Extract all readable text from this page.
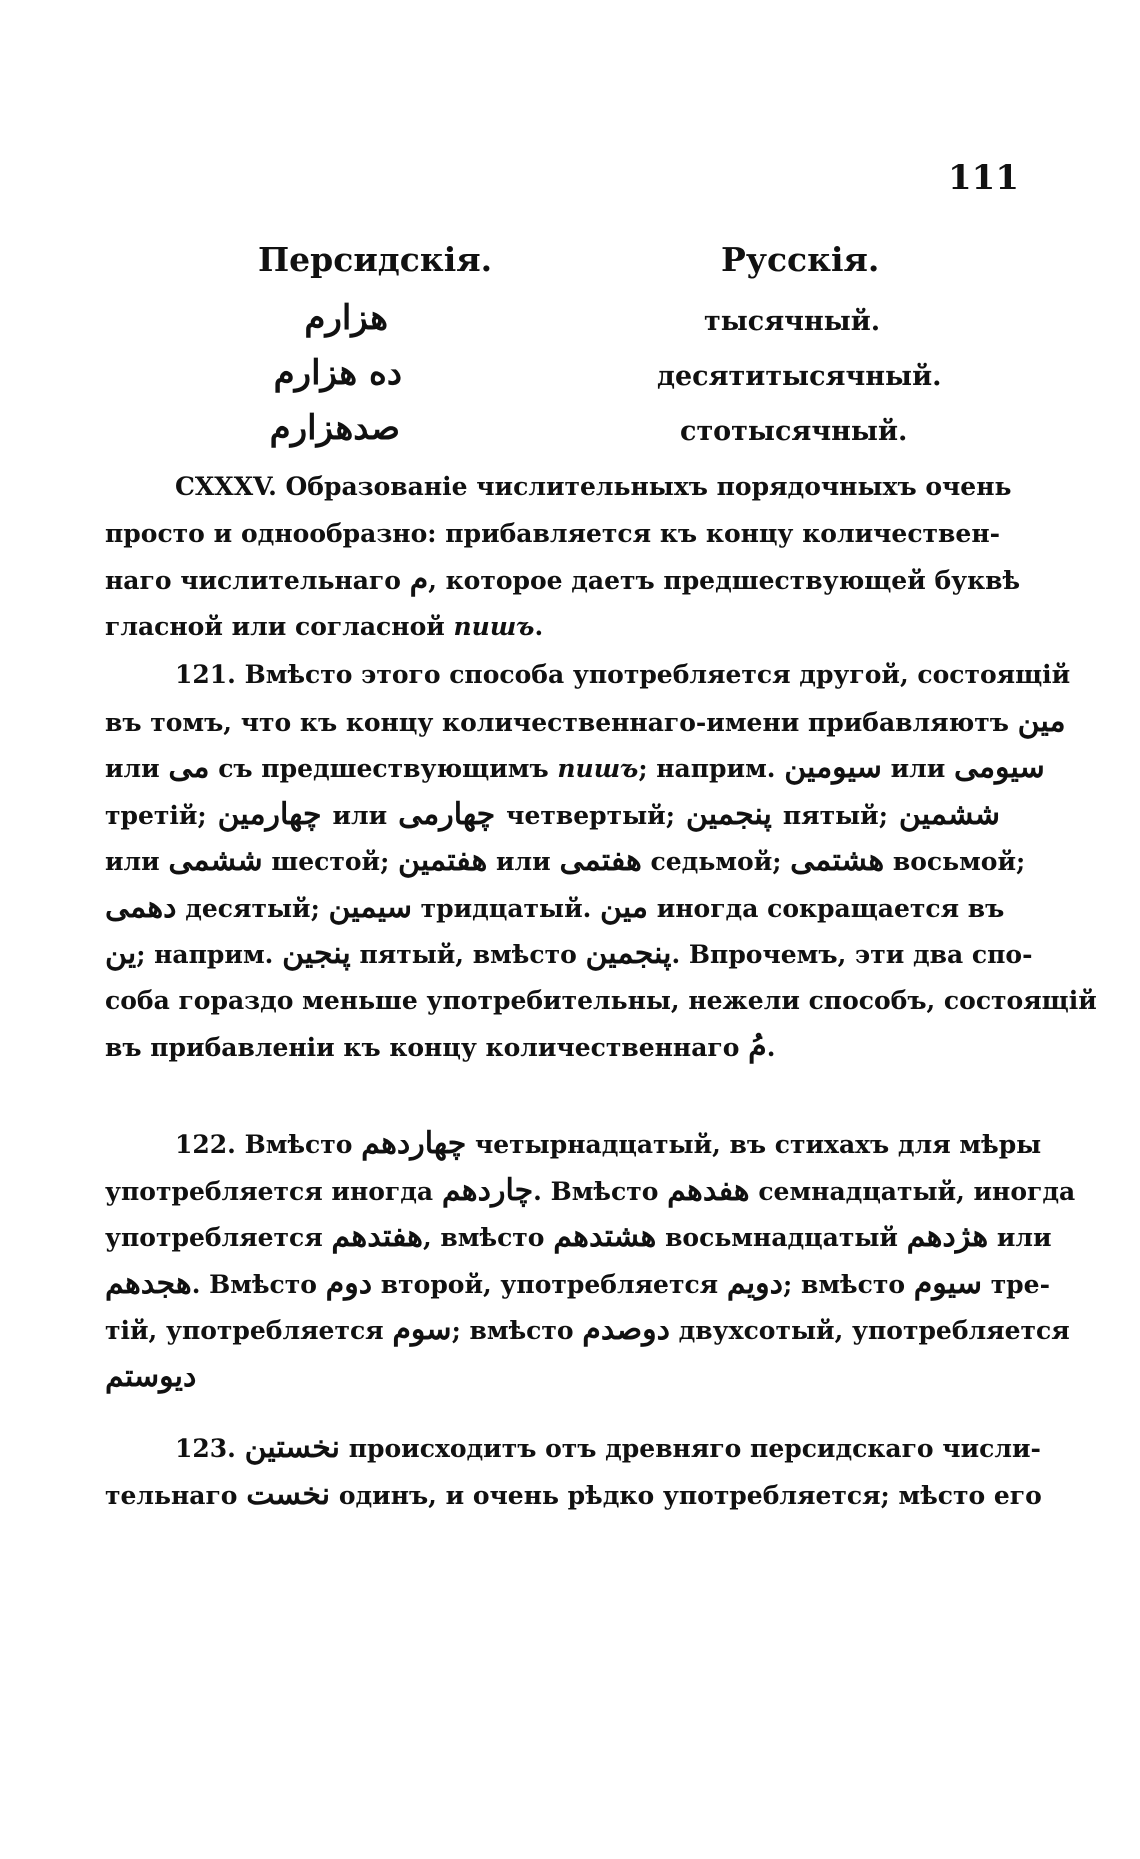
111
Персидскія.	Русскія.
هزارم	тысячный.
ده هزارم	десятитысячный.
صدهزارم	стотысячный.
CXXXV. Образованіе числительныхъ порядочныхъ очень
просто и однообразно: прибавляется къ концу количествен-
наго числительнаго م, которое даетъ предшествующей буквѣ
гласной или согласной пишъ.
121. Вмѣсто этого способа употребляется другой, состоящій
въ томъ, что къ концу количественнаго-имени прибавляютъ مین
или می съ предшествующимъ пишъ; наприм. سیومین или سیومی
третій; چهارمین или چهارمی четвертый; پنجمین пятый; ششمین
или ششمی шестой; هفتمین или هفتمی седьмой; هشتمی восьмой;
دهمی десятый; سیمین тридцатый. مین иногда сокращается въ
ین; наприм. پنجین пятый, вмѣсто پنجمین. Впрочемъ, эти два спо-
соба гораздо меньше употребительны, нежели способъ, состоящій
въ прибавленіи къ концу количественнаго مُ.
122. Вмѣсто چهاردهم четырнадцатый, въ стихахъ для мѣры
употребляется иногда چاردهم. Вмѣсто هفدهم семнадцатый, иногда
употребляется هفتدهم, вмѣсто هشتدهم восьмнадцатый هژدهم или
هجدهم. Вмѣсто دوم второй, употребляется دویم; вмѣсто سیوم тре-
тій, употребляется سوم; вмѣсто دوصدم двухсотый, употребляется
دیوستم
123. نخستین происходитъ отъ древняго персидскаго числи-
тельнаго نخست одинъ, и очень рѣдко употребляется; мѣсто его
